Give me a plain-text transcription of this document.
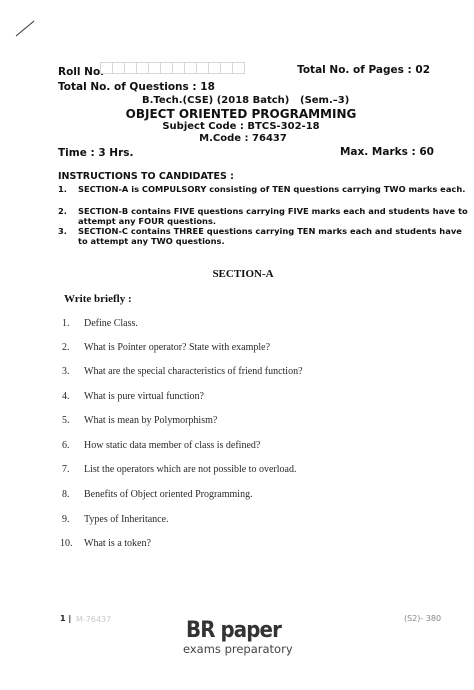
Roll No.	Total No. of Pages : 02
Total No. of Questions : 18
B.Tech.(CSE) (2018 Batch) (Sem.–3)
OBJECT ORIENTED PROGRAMMING
Subject Code : BTCS-302-18
M.Code : 76437
Time : 3 Hrs.	Max. Marks : 60
INSTRUCTIONS TO CANDIDATES :
1. SECTION-A is COMPULSORY consisting of TEN questions carrying TWO marks each.
2. SECTION-B contains FIVE questions carrying FIVE marks each and students have to attempt any FOUR questions.
3. SECTION-C contains THREE questions carrying TEN marks each and students have to attempt any TWO questions.
SECTION-A
Write briefly :
1. Define Class.
2. What is Pointer operator? State with example?
3. What are the special characteristics of friend function?
4. What is pure virtual function?
5. What is mean by Polymorphism?
6. How static data member of class is defined?
7. List the operators which are not possible to overload.
8. Benefits of Object oriented Programming.
9. Types of Inheritance.
10. What is a token?
1 | M-76437	(S2)- 380
BR paper
exams preparatory
